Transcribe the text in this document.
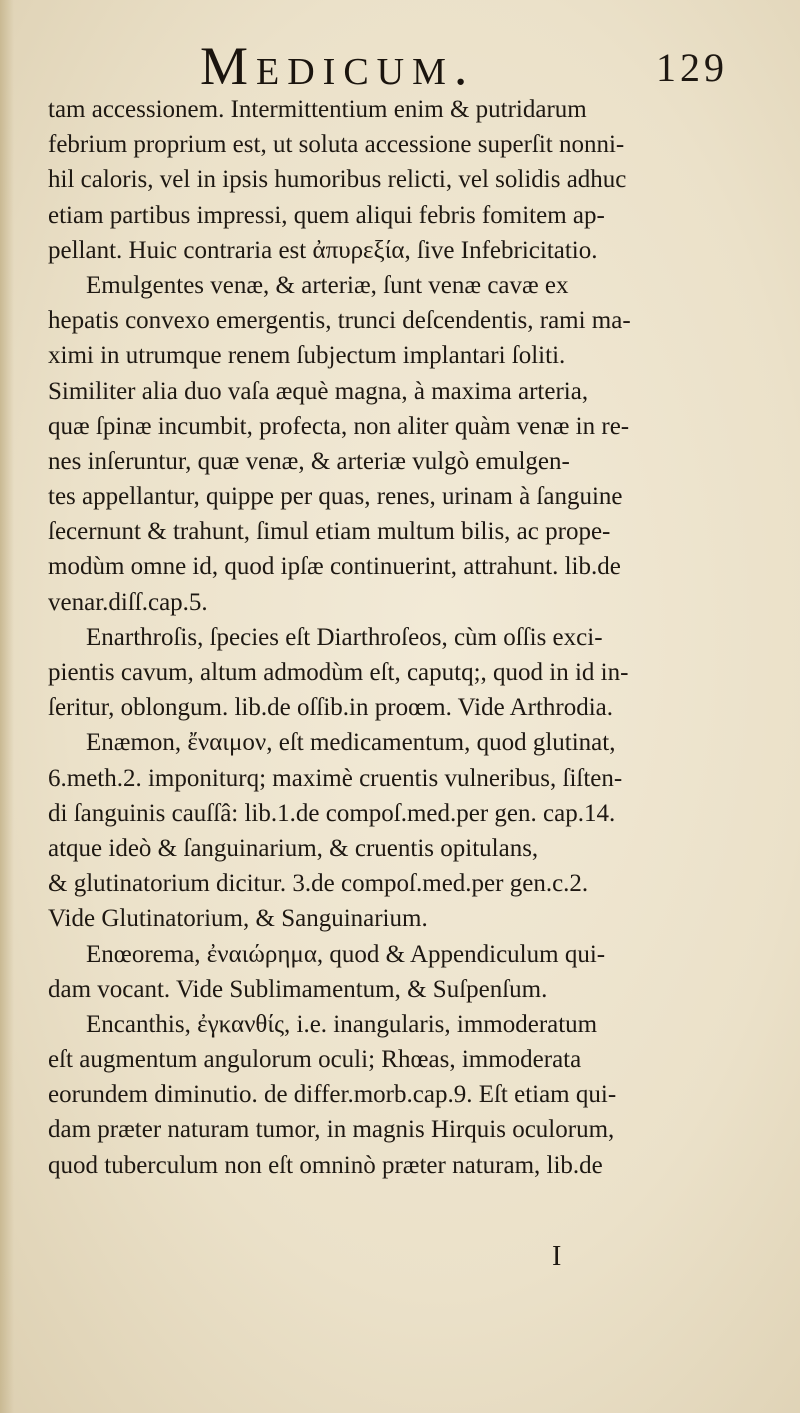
Medicum.	129
tam accessionem. Intermittentium enim & putridarum
febrium proprium est, ut soluta accessione superſit nonni-
hil caloris, vel in ipsis humoribus relicti, vel solidis adhuc
etiam partibus impressi, quem aliqui febris fomitem ap-
pellant. Huic contraria est ἀπυρεξία, ſive Infebricitatio.
Emulgentes venæ, & arteriæ, ſunt venæ cavæ ex
hepatis convexo emergentis, trunci deſcendentis, rami ma-
ximi in utrumque renem ſubjectum implantari ſoliti.
Similiter alia duo vaſa æquè magna, à maxima arteria,
quæ ſpinæ incumbit, profecta, non aliter quàm venæ in re-
nes inſeruntur, quæ venæ, & arteriæ vulgò emulgen-
tes appellantur, quippe per quas, renes, urinam à ſanguine
ſecernunt & trahunt, ſimul etiam multum bilis, ac prope-
modùm omne id, quod ipſæ continuerint, attrahunt. lib.de
venar.diſſ.cap.5.
Enarthroſis, ſpecies eſt Diarthroſeos, cùm oſſis exci-
pientis cavum, altum admodùm eſt, caputq;, quod in id in-
ſeritur, oblongum. lib.de oſſib.in proœm. Vide Arthrodia.
Enæmon, ἔναιμον, eſt medicamentum, quod glutinat,
6.meth.2. imponiturq; maximè cruentis vulneribus, ſiſten-
di ſanguinis cauſſâ: lib.1.de compoſ.med.per gen. cap.14.
atque ideò & ſanguinarium, & cruentis opitulans,
& glutinatorium dicitur. 3.de compoſ.med.per gen.c.2.
Vide Glutinatorium, & Sanguinarium.
Enœorema, ἐναιώρημα, quod & Appendiculum qui-
dam vocant. Vide Sublimamentum, & Suſpenſum.
Encanthis, ἐγκανθίς, i.e. inangularis, immoderatum
eſt augmentum angulorum oculi; Rhœas, immoderata
eorundem diminutio. de differ.morb.cap.9. Eſt etiam qui-
dam præter naturam tumor, in magnis Hirquis oculorum,
quod tuberculum non eſt omninò præter naturam, lib.de
I
